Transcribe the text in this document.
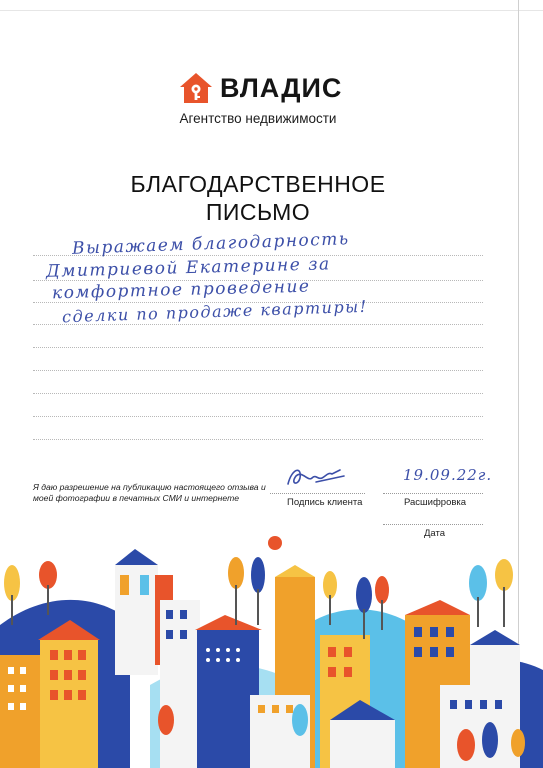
ВЛАДИС
Агентство недвижимости
БЛАГОДАРСТВЕННОЕ
ПИСЬМО
Выражаем благодарность
Дмитриевой Екатерине за
комфортное проведение
сделки по продаже квартиры!
Я даю разрешение на публикацию настоящего отзыва и моей фотографии в печатных СМИ и интернете
19.09.22г.
Подпись клиента	Расшифровка
Дата
